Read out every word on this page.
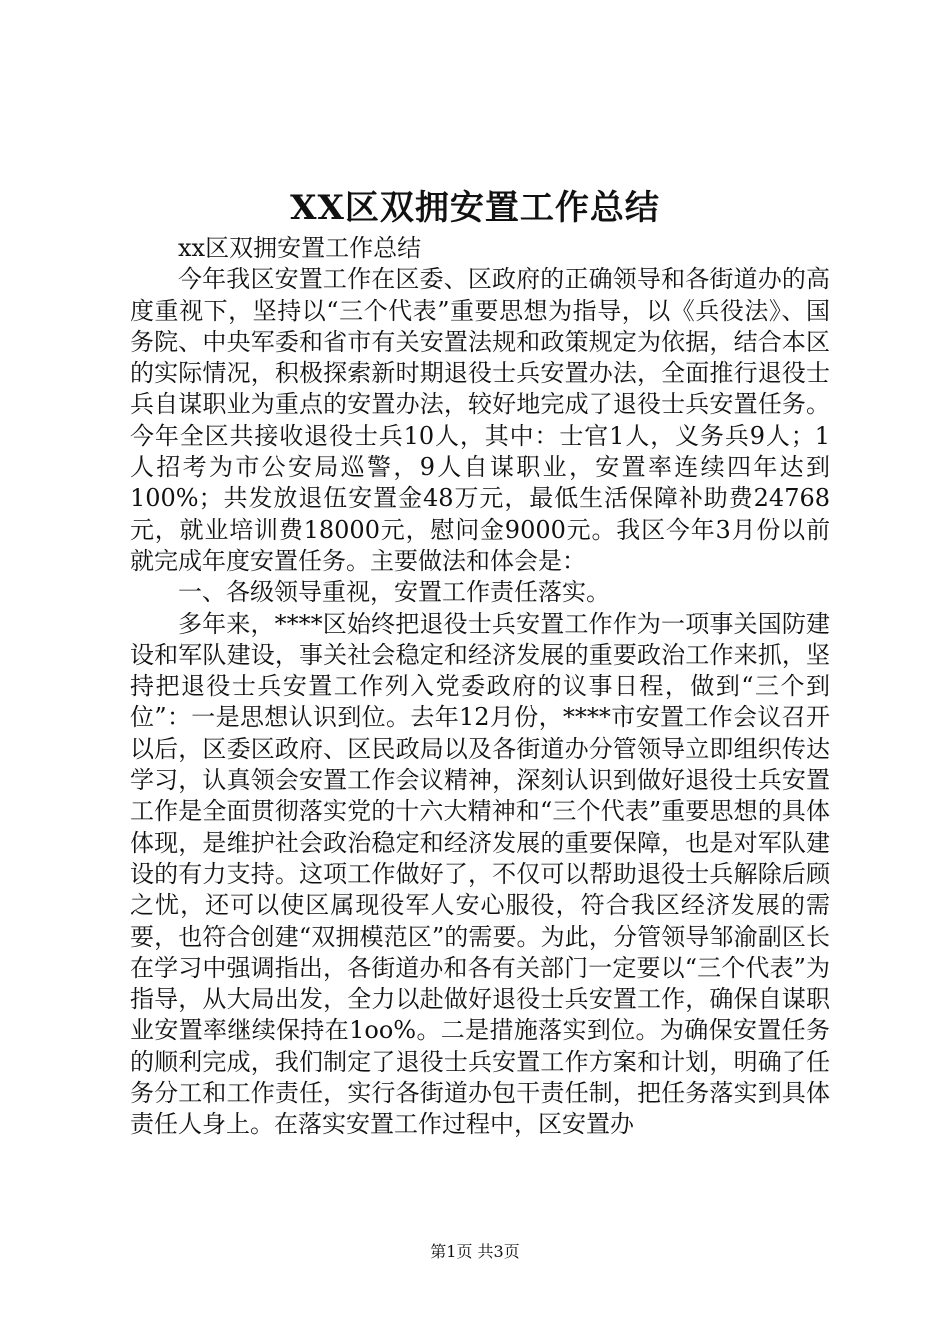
XX区双拥安置工作总结

xx区双拥安置工作总结

今年我区安置工作在区委、区政府的正确领导和各街道办的高度重视下，坚持以“三个代表”重要思想为指导，以《兵役法》、国务院、中央军委和省市有关安置法规和政策规定为依据，结合本区的实际情况，积极探索新时期退役士兵安置办法，全面推行退役士兵自谋职业为重点的安置办法，较好地完成了退役士兵安置任务。今年全区共接收退役士兵10人，其中：士官1人，义务兵9人；1人招考为市公安局巡警，9人自谋职业，安置率连续四年达到100%；共发放退伍安置金48万元，最低生活保障补助费24768元，就业培训费18000元，慰问金9000元。我区今年3月份以前就完成年度安置任务。主要做法和体会是：

一、各级领导重视，安置工作责任落实。

多年来，****区始终把退役士兵安置工作作为一项事关国防建设和军队建设，事关社会稳定和经济发展的重要政治工作来抓，坚持把退役士兵安置工作列入党委政府的议事日程，做到“三个到位”：一是思想认识到位。去年12月份，****市安置工作会议召开以后，区委区政府、区民政局以及各街道办分管领导立即组织传达学习，认真领会安置工作会议精神，深刻认识到做好退役士兵安置工作是全面贯彻落实党的十六大精神和“三个代表”重要思想的具体体现，是维护社会政治稳定和经济发展的重要保障，也是对军队建设的有力支持。这项工作做好了，不仅可以帮助退役士兵解除后顾之忧，还可以使区属现役军人安心服役，符合我区经济发展的需要，也符合创建“双拥模范区”的需要。为此，分管领导邹渝副区长在学习中强调指出，各街道办和各有关部门一定要以“三个代表”为指导，从大局出发，全力以赴做好退役士兵安置工作，确保自谋职业安置率继续保持在1oo%。二是措施落实到位。为确保安置任务的顺利完成，我们制定了退役士兵安置工作方案和计划，明确了任务分工和工作责任，实行各街道办包干责任制，把任务落实到具体责任人身上。在落实安置工作过程中，区安置办

第1页 共3页
